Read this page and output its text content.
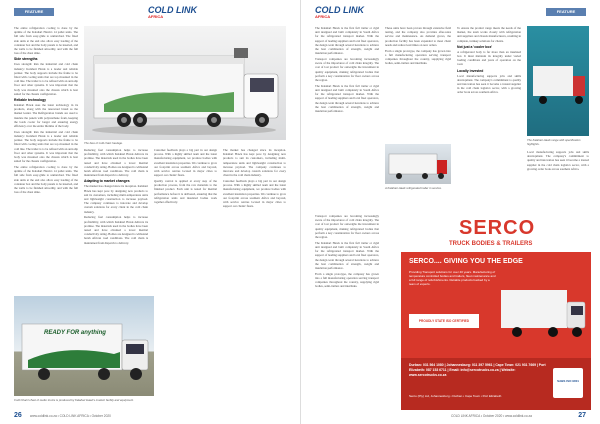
FEATURE	COLD LINK
AFRICA

The entire refrigeration cooling is done by the uptime of the Kalahari Hawk's 14 pallet units. The full side from easy-glide to unmatched. The fixed side units at the end also allow easy loading of the container box and the body panels to be inserted, and the walls to be finished smoothly, and with the full loss of the chest alike.

Side strengths

Uses strength: Ran the industrial and cold chain industry: Kalahari Hawk is a leader and reliable partner. The body supports include the frame to be fitted with cooling units that are top mounted in the cold line. The trailer is to be refined with an anti-slip floor and other systems. It was important that the body was mounted onto the chassis which is best suited for the chassis configuration.

Reliable technology

Kalahari Hawk uses the latest technology in its products, along with the renowned brand as the market leader. The Refrigeration brands are used to insulate the panels with polyurethane foam, keeping the loads cooler for longer and ensuring energy efficiency over the entire lifetime of the body.

Uses strength: Ran the industrial and cold chain industry: Kalahari Hawk is a leader and reliable partner. The body supports include the frame to be fitted with cooling units that are top mounted in the cold line. The trailer is to be refined with an anti-slip floor and other systems. It was important that the body was mounted onto the chassis which is best suited for the chassis configuration.

The entire refrigeration cooling is done by the uptime of the Kalahari Hawk's 14 pallet units. The full side from easy-glide to unmatched. The fixed side units at the end also allow easy loading of the container box and the body panels to be inserted, and the walls to be finished smoothly, and with the full loss of the chest alike.

Reducing fuel consumption helps to increase profitability, with which Kalahari Hawk delivers its promise. The materials used in the bodies have been tested and have obtained a lower thermal conductivity rating. Bodies are designed to withstand harsh African road conditions. The cold chain is maintained from dispatch to delivery.

Adapting to market changes

The market has changed since its inception. Kalahari Hawk has kept pace by designing new products to suit its customers, including multi-temperature units and lightweight construction to increase payload. The company continues to innovate and develop custom solutions for every client in the cold chain industry.

Reducing fuel consumption helps to increase profitability, with which Kalahari Hawk delivers its promise. The materials used in the bodies have been tested and have obtained a lower thermal conductivity rating. Bodies are designed to withstand harsh African road conditions. The cold chain is maintained from dispatch to delivery.

Customer feedback plays a big part in our design process. With a highly skilled team and the latest manufacturing equipment, we produce bodies with excellent insulation properties. We continue to grow our footprint across southern Africa and beyond, with service centres located in major cities to support our clients' fleets.

Quality control is applied at every step of the production process, from the raw materials to the finished product. Each unit is tested for thermal performance before it is delivered, ensuring that the refrigeration units and insulated bodies work together effectively.

The market has changed since its inception. Kalahari Hawk has kept pace by designing new products to suit its customers, including multi-temperature units and lightweight construction to increase payload. The company continues to innovate and develop custom solutions for every client in the cold chain industry.

Customer feedback plays a big part in our design process. With a highly skilled team and the latest manufacturing equipment, we produce bodies with excellent insulation properties. We continue to grow our footprint across southern Africa and beyond, with service centres located in major cities to support our clients' fleets.

The face of cold chain haulage.
READY FOR anything
Cold Chain's fleet of reefer trucks is produced by Kalahari Hawk's modern facility and equipment.
26	www.coldlink.co.za • COLD LINK AFRICA • October 2020
COLD LINK
AFRICA
FEATURE

The Kalahari Hawk is the first full trailer or rigid unit designed and built completely in South Africa for the refrigerated transport market. With the support of leading suppliers and local fleet operators, the design went through several iterations to achieve the best combination of strength, weight and insulation performance.

Transport companies are becoming increasingly aware of the importance of cold chain integrity. The cost of lost product far outweighs the investment in quality equipment, making refrigerated bodies that perform a key consideration for fleet owners across the region.

The Kalahari Hawk is the first full trailer or rigid unit designed and built completely in South Africa for the refrigerated transport market. With the support of leading suppliers and local fleet operators, the design went through several iterations to achieve the best combination of strength, weight and insulation performance.

These units have been proven through extensive field testing, and the company also provides after-sales service and maintenance. As demand grows, the production facility has been expanded to meet client needs and reduce lead times on new orders.

From a single prototype, the company has grown into a full manufacturing operation serving transport companies throughout the country, supplying rigid bodies, semi-trailers and interlinks.

A Kalahari Hawk refrigerated trailer in service.

To ensure the product range meets the needs of the market, the team works closely with refrigeration unit suppliers and chassis manufacturers, resulting in complete, turnkey solutions for clients.

Not just a 'cooler box'

A refrigerated body is far more than an insulated box. It must maintain its integrity under varied loading conditions and years of operation on the road.

Locally invested

Local manufacturing supports jobs and skills development. The company's commitment to quality and innovation has seen it become a trusted supplier in the cold chain logistics sector, with a growing order book across southern Africa.

The Kalahari Hawk range with specification highlights.

Local manufacturing supports jobs and skills development. The company's commitment to quality and innovation has seen it become a trusted supplier in the cold chain logistics sector, with a growing order book across southern Africa.

Transport companies are becoming increasingly aware of the importance of cold chain integrity. The cost of lost product far outweighs the investment in quality equipment, making refrigerated bodies that perform a key consideration for fleet owners across the region.

The Kalahari Hawk is the first full trailer or rigid unit designed and built completely in South Africa for the refrigerated transport market. With the support of leading suppliers and local fleet operators, the design went through several iterations to achieve the best combination of strength, weight and insulation performance.

From a single prototype, the company has grown into a full manufacturing operation serving transport companies throughout the country, supplying rigid bodies, semi-trailers and interlinks.

SERCO
TRUCK BODIES & TRAILERS
SERCO.... GIVING YOU THE EDGE
Providing Transport solutions for over 40 years. Manufacturing of temperature controlled bodies and trailers, fleet maintenance and a full range of refurbishments. Reliable products backed by a team of experts.
PROUDLY STATE ISO CERTIFIED
Durban: 031 564 1080 | Johannesburg: 011 397 5961 | Cape Town: 021 931 7669 | Port Elizabeth: 087 153 6711 | Email: info@sercotrucks.co.za | Website: www.sercotrucks.co.za
Serco (Pty) Ltd, Johannesburg • Durban • Cape Town • Port Elizabeth
SABS ISO 9001
COLD LINK AFRICA • October 2020 • www.coldlink.co.za	27
